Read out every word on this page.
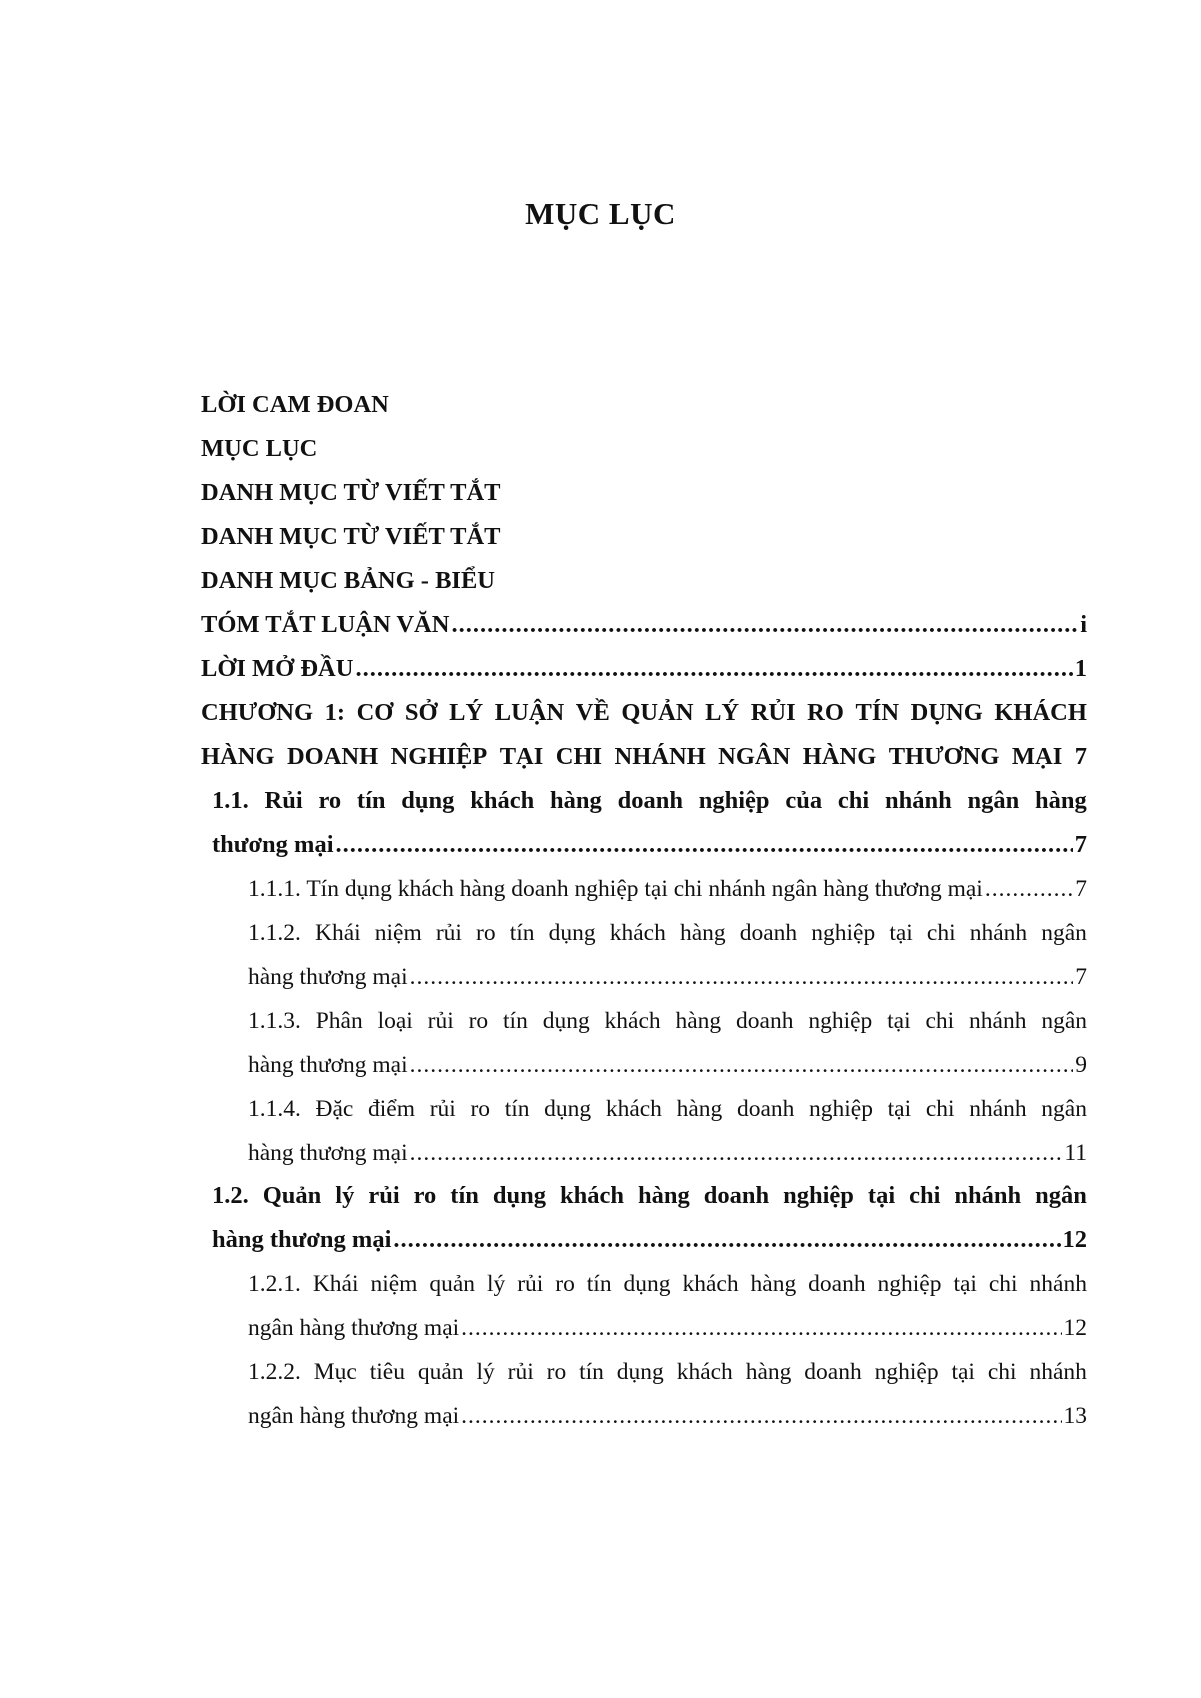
MỤC LỤC
LỜI CAM ĐOAN
MỤC LỤC
DANH MỤC TỪ VIẾT TẮT
DANH MỤC TỪ VIẾT TẮT
DANH MỤC BẢNG - BIỂU
TÓM TẮT LUẬN VĂN .....	i
LỜI MỞ ĐẦU .....	1
CHƯƠNG 1: CƠ SỞ LÝ LUẬN VỀ QUẢN LÝ RỦI RO TÍN DỤNG KHÁCH
HÀNG DOANH NGHIỆP TẠI CHI NHÁNH NGÂN HÀNG THƯƠNG MẠI 7
1.1. Rủi ro tín dụng khách hàng doanh nghiệp của chi nhánh ngân hàng
thương mại .....	7
1.1.1. Tín dụng khách hàng doanh nghiệp tại chi nhánh ngân hàng thương mại .....	7
1.1.2. Khái niệm rủi ro tín dụng khách hàng doanh nghiệp tại chi nhánh ngân
hàng thương mại .....	7
1.1.3. Phân loại rủi ro tín dụng khách hàng doanh nghiệp tại chi nhánh ngân
hàng thương mại .....	9
1.1.4. Đặc điểm rủi ro tín dụng khách hàng doanh nghiệp tại chi nhánh ngân
hàng thương mại .....	11
1.2. Quản lý rủi ro tín dụng khách hàng doanh nghiệp tại chi nhánh ngân
hàng thương mại .....	12
1.2.1. Khái niệm quản lý rủi ro tín dụng khách hàng doanh nghiệp tại chi nhánh
ngân hàng thương mại .....	12
1.2.2. Mục tiêu quản lý rủi ro tín dụng khách hàng doanh nghiệp tại chi nhánh
ngân hàng thương mại .....	13
